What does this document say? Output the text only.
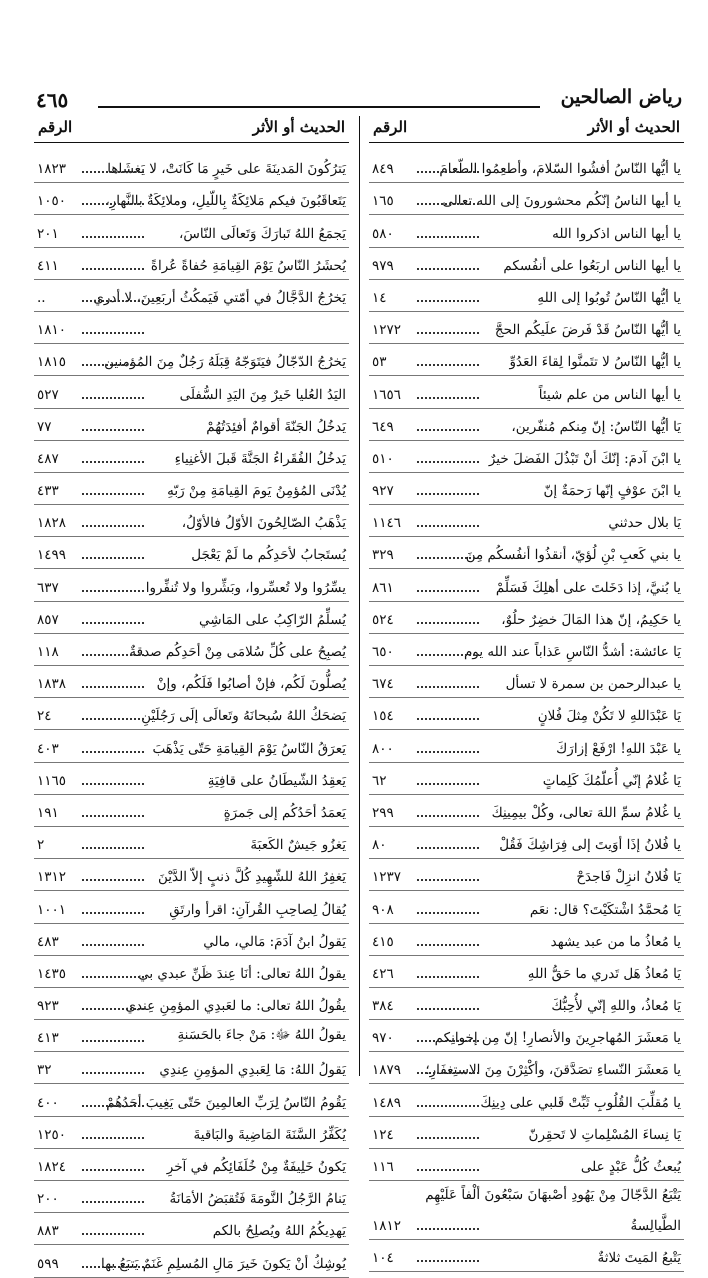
٤٦٥	رياض الصالحين
الحديث أو الأثر
الرقم
يا أيُّها النّاسُ أفشُوا السّلامَ، وأطعِمُوا الطّعامَ
٨٤٩
يا أيها الناسُ إنّكُم محشورونَ إلى الله تعالى
١٦٥
يا أيها الناس اذكروا الله
٥٨٠
يا أيها الناس اربَعُوا على أنفُسكم
٩٧٩
يا أيُّها النّاسُ تُوبُوا إلى اللهِ
١٤
يا أيُّها النّاسُ قَدْ فَرضَ علَيكُم الحجَّ
١٢٧٢
يا أيُّها النّاسُ لا تتَمنَّوا لِقاءَ العَدُوِّ
٥٣
يا أيها الناس من علم شيئاً
١٦٥٦
يَا أيُّها النّاسُ: إنّ مِنكم مُنفّرين،
٦٤٩
يا ابْنَ آدمَ: إنّكَ أنْ تَبْذُلَ الفَضلَ خيرٌ
٥١٠
يا ابْنَ عوْفٍ إنّها رَحمَةٌ إنّ
٩٢٧
يَا بلال حدثني
١١٤٦
يا بني كَعبِ بْنِ لُؤيّ، أنقذُوا أنفُسكُم مِنَ
٣٢٩
يا بُنيَّ، إذا دَخَلتَ على أهلِكَ فَسَلِّمْ
٨٦١
يا حَكِيمُ، إنّ هذا المَالَ خضِرٌ حلُوٌ،
٥٢٤
يَا عائشة: أشدُّ النّاسِ عَذاباً عند الله يوم
٦٥٠
يا عبدالرحمن بن سمرة لا تسأل
٦٧٤
يَا عَبْدَاللهِ لا تَكُنْ مِثلَ فُلانٍ
١٥٤
يا عَبْدَ اللهِ! ارْفَعْ إزارَكَ
٨٠٠
يَا غُلامُ إنّي أُعلّمُكَ كَلِماتٍ
٦٢
يا غُلامُ سمِّ اللهَ تعالى، وكُلْ بيمِينِكَ
٢٩٩
يا فُلانُ إذَا أوَيتَ إلى فِرَاشِكَ فَقُلْ
٨٠
يَا فُلانُ انزِلْ فَاجدَحْ
١٢٣٧
يَا مُحمَّدُ اشْتكَيْتَ؟ قال: نعَم
٩٠٨
يا مُعاذُ ما من عبد يشهد
٤١٥
يَا مُعاذُ هَل تَدري ما حَقُّ اللهِ
٤٢٦
يَا مُعاذُ، واللهِ إنّي لأُحِبُّكَ
٣٨٤
يا مَعشَرَ المُهاجرِينَ والأنصارِ! إنّ مِن إخوانِكم
٩٧٠
يا مَعشَرَ النّساءِ تصَدَّقنَ، وأكْثِرْنَ مِنَ الاستِغفَارِ؛
١٨٧٩
يا مُقلِّبَ القُلُوبِ ثَبِّتْ قَلبي على دِينِكَ
١٤٨٩
يَا نِساءَ المُسْلِماتِ لا تَحقِرنّ
١٢٤
يُبعثُ كُلُّ عَبْدٍ على
١١٦
يَتْبَعُ الدَّجّالَ مِنْ يَهُودِ أصْبهَانَ سَبْعُونَ ألْفاً عَلَيْهِم
الطَّيالِسةُ
١٨١٢
يَتْبعُ المَيتَ ثلاثةٌ
١٠٤
الحديث أو الأثر
الرقم
يَترُكُونَ المَدينَةَ على خَيرٍ مَا كَانَتْ، لا يَغشَاها
١٨٢٣
يَتَعاقَبُونَ فيكم مَلائِكَةٌ بِاللّيلِ، وملائِكَةٌ بالنَّهارِ،
١٠٥٠
يَجمَعُ اللهُ تَبارَكَ وَتَعالَى النّاسَ،
٢٠١
يُحشَرُ النّاسُ يَوْمَ القِيامَةِ حُفاةً عُراةً
٤١١
يَخرُجُ الدَّجَّالُ في أمّتي فَيَمكُثُ أربَعِينَ، لا أدري
..
١٨١٠
يَخرُجُ الدّجّالُ فيَتَوَجّهُ قِبَلَهُ رَجُلٌ مِنَ المُؤمنين
١٨١٥
اليَدُ العُليا خَيرٌ مِنَ اليَدِ السُّفلَى
٥٢٧
يَدخُلُ الجَنّةَ أقوامٌ أفئِدَتُهُمْ
٧٧
يَدخُلُ الفُقَراءُ الجَنَّةَ قَبلَ الأغنِياءِ
٤٨٧
يُدْنَى المُؤمِنُ يَومَ القِيامَةِ مِنْ رَبّهِ
٤٣٣
يَذْهَبُ الصّالِحُونَ الأوّلُ فالأوّلُ،
١٨٢٨
يُستَجابُ لأحَدِكُم ما لَمْ يَعْجَل
١٤٩٩
يسِّرُوا ولا تُعسِّروا، وبَشِّروا ولا تُنفِّروا
٦٣٧
يُسلِّمُ الرّاكِبُ على المَاشِي
٨٥٧
يُصبِحُ على كُلِّ سُلامَى مِنْ أحَدِكُم صدقةٌ
١١٨
يُصلُّونَ لَكُم، فإنْ أصابُوا فَلَكُم، وإنْ
١٨٣٨
يَضحَكُ اللهُ سُبحانَهُ وتَعالَى إلَى رَجُلَيْنِ
٢٤
يَعرَقُ النّاسُ يَوْمَ القِيامَةِ حَتّى يَذْهَبَ
٤٠٣
يَعقِدُ الشّيطَانُ على قافِيَةِ
١١٦٥
يَعمَدُ أحَدُكُم إلى جَمرَةٍ
١٩١
يَغزُو جَيشٌ الكَعبَةَ
٢
يَغفِرُ اللهُ للشّهِيدِ كُلَّ ذنبٍ إلاّ الدَّيْنَ
١٣١٢
يُقالُ لِصاحِبِ القُرآنِ: اقرأ وارتَقِ
١٠٠١
يَقولُ ابنُ آدَمَ: مَالي، مالي
٤٨٣
يقولُ اللهُ تعالى: أنَا عِندَ ظَنِّ عبدي بي
١٤٣٥
يقُولُ اللهُ تعالى: ما لعَبدِي المؤمِنِ عِندي
٩٢٣
يقولُ اللهُ ﷻ: مَنْ جاءَ بالحَسَنةِ
٤١٣
يَقولُ اللهُ: مَا لِعَبدِي المؤمِنِ عِندِي
٣٢
يَقُومُ النّاسُ لِرَبِّ العالمِينَ حَتّى يَغِيبَ أحَدُهُمْ
٤٠٠
يُكَفِّرُ السَّنَةَ المَاضِيةَ والبَاقيةَ
١٢٥٠
يَكونُ خَلِيفَةٌ مِنْ خُلَفَائِكُم في آخرِ
١٨٢٤
يَنامُ الرَّجُلُ النَّومَةَ فَتُقبَضُ الأمَانَةُ
٢٠٠
يَهدِيكُمُ اللهُ ويُصلِحُ بالكم
٨٨٣
يُوشِكُ أنْ يَكونَ خَيرَ مَالِ المُسلِمِ غَنَمٌ يَتبَعُ بها
٥٩٩
